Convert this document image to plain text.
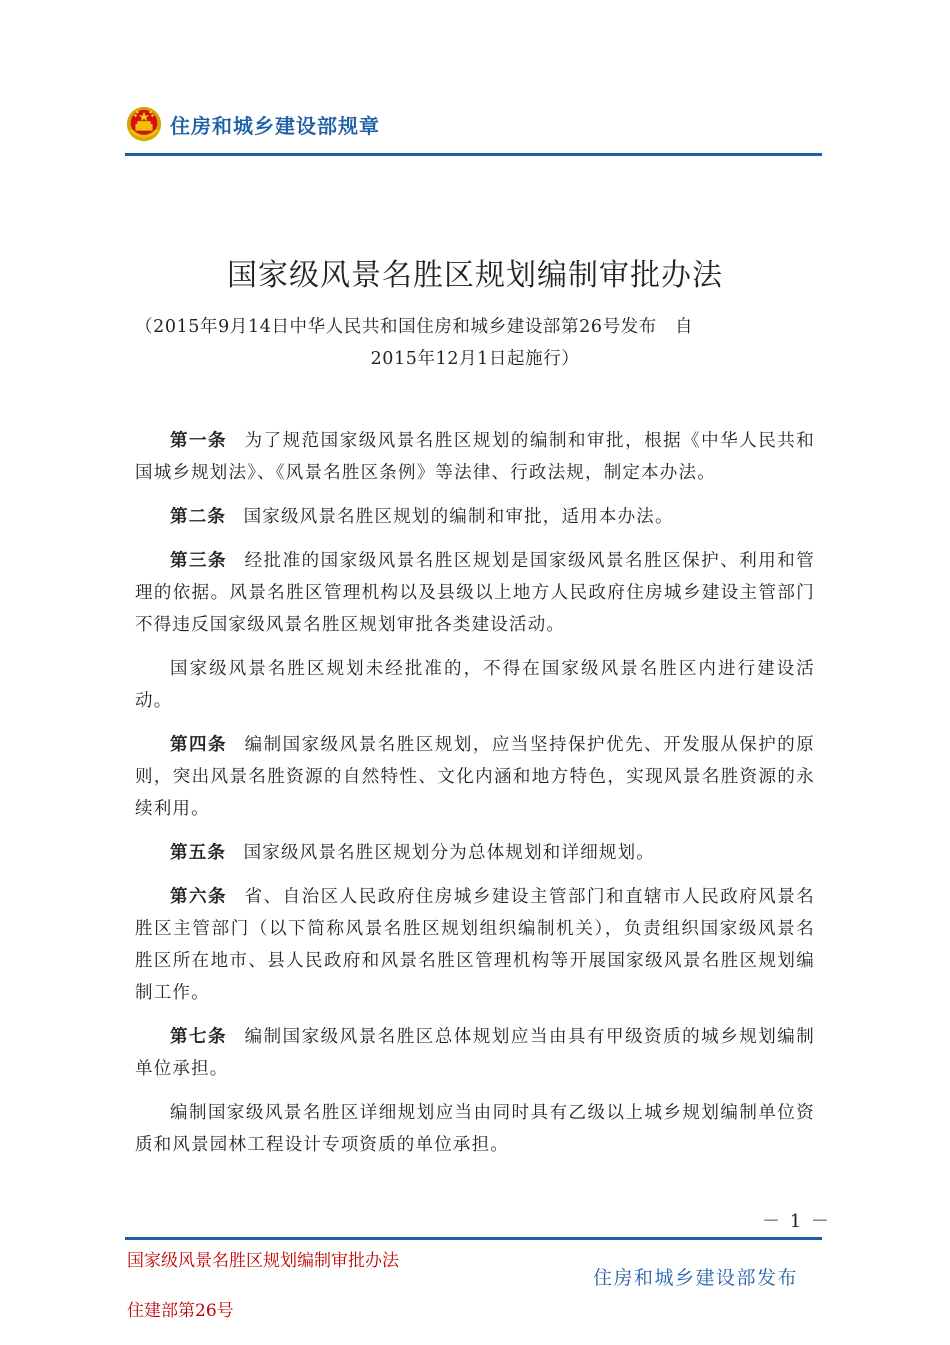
住房和城乡建设部规章
国家级风景名胜区规划编制审批办法
（2015年9月14日中华人民共和国住房和城乡建设部第26号发布　自
2015年12月1日起施行）

第一条 为了规范国家级风景名胜区规划的编制和审批，根据《中华人民共和国城乡规划法》、《风景名胜区条例》等法律、行政法规，制定本办法。

第二条 国家级风景名胜区规划的编制和审批，适用本办法。

第三条 经批准的国家级风景名胜区规划是国家级风景名胜区保护、利用和管理的依据。风景名胜区管理机构以及县级以上地方人民政府住房城乡建设主管部门不得违反国家级风景名胜区规划审批各类建设活动。

国家级风景名胜区规划未经批准的，不得在国家级风景名胜区内进行建设活动。

第四条 编制国家级风景名胜区规划，应当坚持保护优先、开发服从保护的原则，突出风景名胜资源的自然特性、文化内涵和地方特色，实现风景名胜资源的永续利用。

第五条 国家级风景名胜区规划分为总体规划和详细规划。

第六条 省、自治区人民政府住房城乡建设主管部门和直辖市人民政府风景名胜区主管部门（以下简称风景名胜区规划组织编制机关），负责组织国家级风景名胜区所在地市、县人民政府和风景名胜区管理机构等开展国家级风景名胜区规划编制工作。

第七条 编制国家级风景名胜区总体规划应当由具有甲级资质的城乡规划编制单位承担。

编制国家级风景名胜区详细规划应当由同时具有乙级以上城乡规划编制单位资质和风景园林工程设计专项资质的单位承担。

－ 1 －
国家级风景名胜区规划编制审批办法
住建部第26号
住房和城乡建设部发布
